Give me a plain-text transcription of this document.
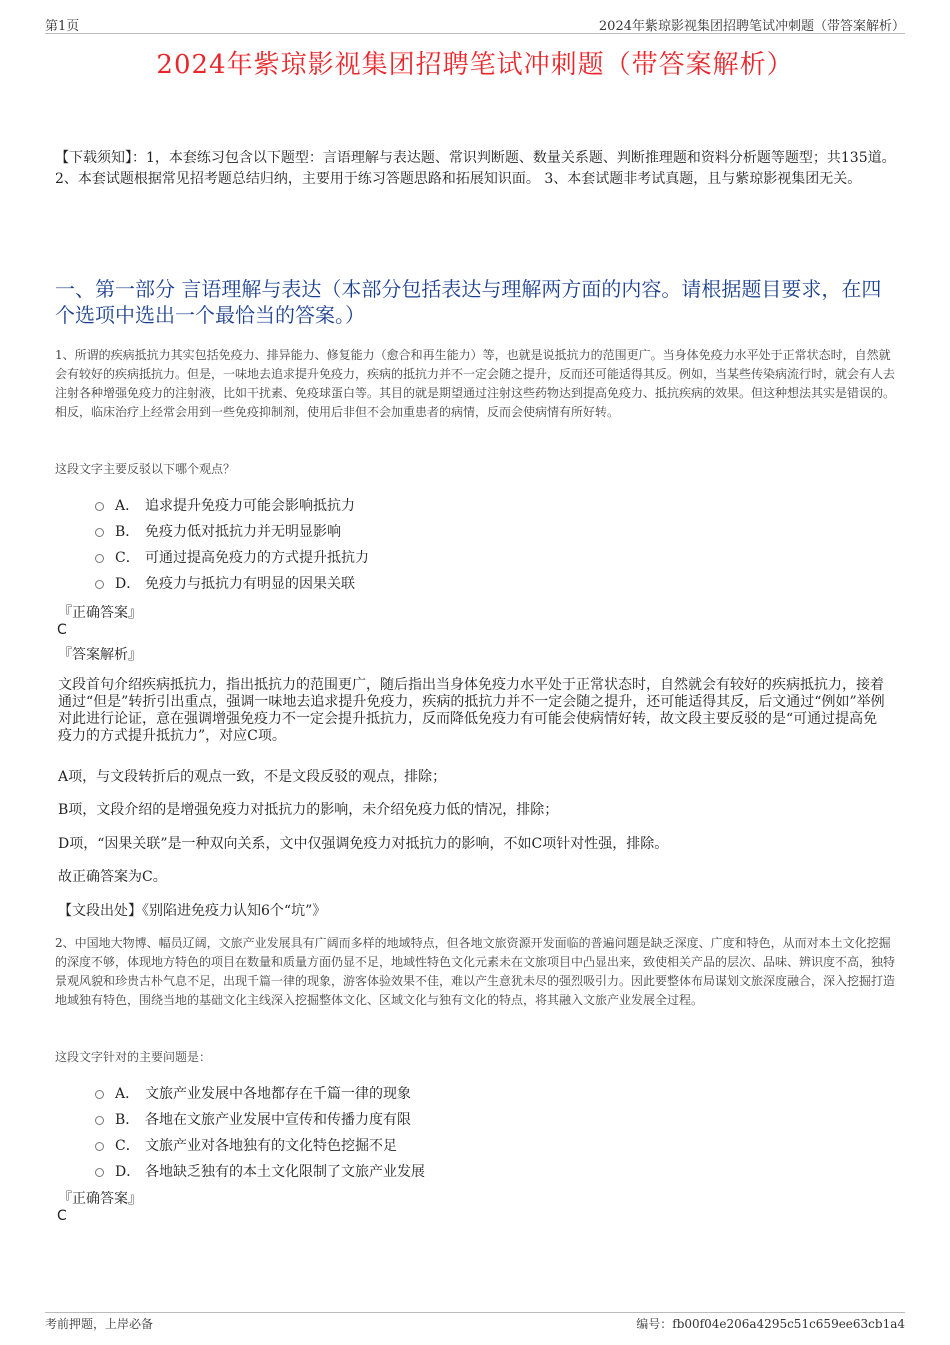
第1页	2024年紫琼影视集团招聘笔试冲刺题（带答案解析）
2024年紫琼影视集团招聘笔试冲刺题（带答案解析）
【下载须知】：1，本套练习包含以下题型：言语理解与表达题、常识判断题、数量关系题、判断推理题和资料分析题等题型；共135道。 2、本套试题根据常见招考题总结归纳，主要用于练习答题思路和拓展知识面。 3、本套试题非考试真题，且与紫琼影视集团无关。
一、第一部分 言语理解与表达（本部分包括表达与理解两方面的内容。请根据题目要求，在四个选项中选出一个最恰当的答案。）
1、所谓的疾病抵抗力其实包括免疫力、排异能力、修复能力（愈合和再生能力）等，也就是说抵抗力的范围更广。当身体免疫力水平处于正常状态时，自然就会有较好的疾病抵抗力。但是，一味地去追求提升免疫力，疾病的抵抗力并不一定会随之提升，反而还可能适得其反。例如，当某些传染病流行时，就会有人去注射各种增强免疫力的注射液，比如干扰素、免疫球蛋白等。其目的就是期望通过注射这些药物达到提高免疫力、抵抗疾病的效果。但这种想法其实是错误的。相反，临床治疗上经常会用到一些免疫抑制剂，使用后非但不会加重患者的病情，反而会使病情有所好转。
这段文字主要反驳以下哪个观点？
A． 追求提升免疫力可能会影响抵抗力
B． 免疫力低对抵抗力并无明显影响
C． 可通过提高免疫力的方式提升抵抗力
D． 免疫力与抵抗力有明显的因果关联
『正确答案』
C
『答案解析』
文段首句介绍疾病抵抗力，指出抵抗力的范围更广，随后指出当身体免疫力水平处于正常状态时，自然就会有较好的疾病抵抗力，接着通过“但是”转折引出重点，强调一味地去追求提升免疫力，疾病的抵抗力并不一定会随之提升，还可能适得其反，后文通过“例如”举例对此进行论证，意在强调增强免疫力不一定会提升抵抗力，反而降低免疫力有可能会使病情好转，故文段主要反驳的是“可通过提高免疫力的方式提升抵抗力”，对应C项。
A项，与文段转折后的观点一致，不是文段反驳的观点，排除；
B项，文段介绍的是增强免疫力对抵抗力的影响，未介绍免疫力低的情况，排除；
D项，“因果关联”是一种双向关系，文中仅强调免疫力对抵抗力的影响，不如C项针对性强，排除。
故正确答案为C。
【文段出处】《别陷进免疫力认知6个“坑”》
2、中国地大物博、幅员辽阔，文旅产业发展具有广阔而多样的地域特点，但各地文旅资源开发面临的普遍问题是缺乏深度、广度和特色，从而对本土文化挖掘的深度不够，体现地方特色的项目在数量和质量方面仍显不足，地域性特色文化元素未在文旅项目中凸显出来，致使相关产品的层次、品味、辨识度不高，独特景观风貌和珍贵古朴气息不足，出现千篇一律的现象，游客体验效果不佳，难以产生意犹未尽的强烈吸引力。因此要整体布局谋划文旅深度融合，深入挖掘打造地域独有特色，围绕当地的基础文化主线深入挖掘整体文化、区域文化与独有文化的特点，将其融入文旅产业发展全过程。
这段文字针对的主要问题是：
A． 文旅产业发展中各地都存在千篇一律的现象
B． 各地在文旅产业发展中宣传和传播力度有限
C． 文旅产业对各地独有的文化特色挖掘不足
D． 各地缺乏独有的本土文化限制了文旅产业发展
『正确答案』
C
考前押题，上岸必备	编号：fb00f04e206a4295c51c659ee63cb1a4
